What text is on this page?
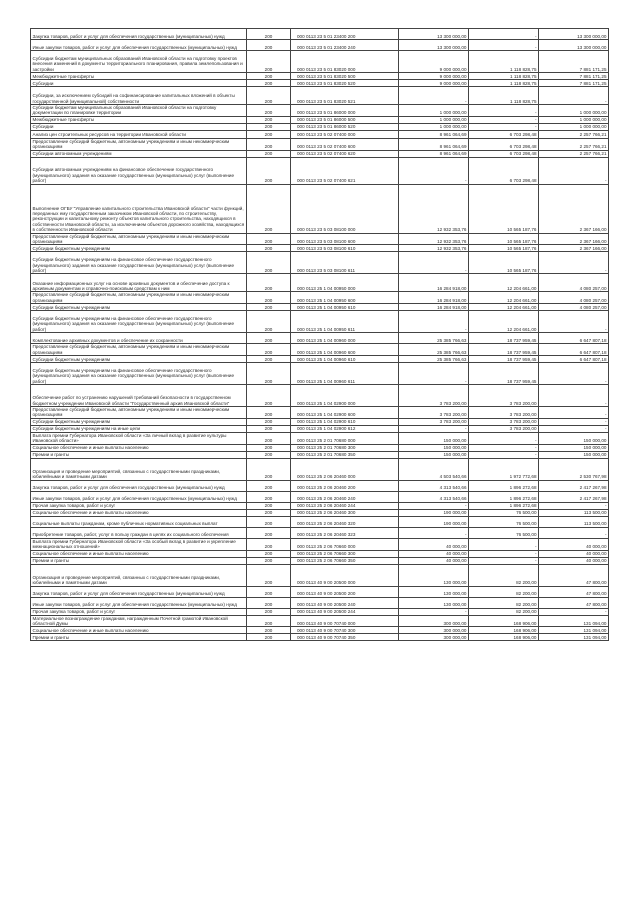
Закупка товаров, работ и услуг для обеспечения государственных (муниципальных) нужд	200	000 0113 23 5 01 23400 200	13 300 000,00	-	13 300 000,00
Иные закупки товаров, работ и услуг для обеспечения государственных (муниципальных) нужд	200	000 0113 23 5 01 23400 240	13 300 000,00	-	13 300 000,00
Субсидии бюджетам муниципальных образований Ивановской области на подготовку проектов внесения изменений в документы территориального планирования, правила землепользования и застройки	200	000 0113 23 5 01 83020 000	9 000 000,00	1 118 828,75	7 881 171,25
Межбюджетные трансферты	200	000 0113 23 5 01 83020 500	9 000 000,00	1 118 828,75	7 881 171,25
Субсидии	200	000 0113 23 5 01 83020 520	9 000 000,00	1 118 828,75	7 881 171,25
Субсидии, за исключением субсидий на софинансирование капитальных вложений в объекты государственной (муниципальной) собственности	200	000 0113 23 5 01 83020 521	-	1 118 828,75	-
Субсидии бюджетам муниципальных образований Ивановской области на подготовку документации по планировке территории	200	000 0113 23 5 01 86000 000	1 000 000,00	-	1 000 000,00
Межбюджетные трансферты	200	000 0113 23 5 01 86000 500	1 000 000,00	-	1 000 000,00
Субсидии	200	000 0113 23 5 01 86000 520	1 000 000,00	-	1 000 000,00
Анализ цен строительных ресурсов на территории Ивановской области	200	000 0113 23 5 02 07400 000	8 961 064,69	6 703 298,48	2 257 766,21
Предоставление субсидий бюджетным, автономным учреждениям и иным некоммерческим организациям	200	000 0113 23 5 02 07400 600	8 961 064,69	6 703 298,48	2 257 766,21
Субсидии автономным учреждениям	200	000 0113 23 5 02 07400 620	8 961 064,69	6 703 298,48	2 257 766,21
Субсидии автономным учреждениям на финансовое обеспечение государственного (муниципального) задания на оказание государственных (муниципальных) услуг (выполнение работ)	200	000 0113 23 5 02 07400 621	-	6 703 298,48	-
Выполнение ОГБУ "Управление капитального строительства Ивановской области" части функций, переданных ему государственным заказчиком Ивановской области, по строительству, реконструкции и капитальному ремонту объектов капитального строительства, находящихся в собственности Ивановской области, за исключением объектов дорожного хозяйства, находящихся в собственности Ивановской области	200	000 0113 23 5 03 08100 000	12 932 353,76	10 565 187,76	2 367 166,00
Предоставление субсидий бюджетным, автономным учреждениям и иным некоммерческим организациям	200	000 0113 23 5 03 08100 600	12 932 353,76	10 565 187,76	2 367 166,00
Субсидии бюджетным учреждениям	200	000 0113 23 5 03 08100 610	12 932 353,76	10 565 187,76	2 367 166,00
Субсидии бюджетным учреждениям на финансовое обеспечение государственного (муниципального) задания на оказание государственных (муниципальных) услуг (выполнение работ)	200	000 0113 23 5 03 08100 611	-	10 565 187,76	-
Оказание информационных услуг на основе архивных документов и обеспечение доступа к архивным документам и справочно-поисковым средствам к ним	200	000 0113 25 1 04 00950 000	16 284 918,00	12 204 661,00	4 080 257,00
Предоставление субсидий бюджетным, автономным учреждениям и иным некоммерческим организациям	200	000 0113 25 1 04 00950 600	16 284 918,00	12 204 661,00	4 080 257,00
Субсидии бюджетным учреждениям	200	000 0113 25 1 04 00950 610	16 284 918,00	12 204 661,00	4 080 257,00
Субсидии бюджетным учреждениям на финансовое обеспечение государственного (муниципального) задания на оказание государственных (муниципальных) услуг (выполнение работ)	200	000 0113 25 1 04 00950 611	-	12 204 661,00	-
Комплектование архивных документов и обеспечение их сохранности	200	000 0113 25 1 04 00960 000	25 385 766,63	18 737 959,45	6 647 807,18
Предоставление субсидий бюджетным, автономным учреждениям и иным некоммерческим организациям	200	000 0113 25 1 04 00960 600	25 385 766,63	18 737 959,45	6 647 807,18
Субсидии бюджетным учреждениям	200	000 0113 25 1 04 00960 610	25 385 766,63	18 737 959,45	6 647 807,18
Субсидии бюджетным учреждениям на финансовое обеспечение государственного (муниципального) задания на оказание государственных (муниципальных) услуг (выполнение работ)	200	000 0113 25 1 04 00960 611	-	18 737 959,45	-
Обеспечение работ по устранению нарушений требований безопасности в государственном бюджетном учреждении Ивановской области "Государственный архив Ивановской области"	200	000 0113 25 1 04 02900 000	3 783 200,00	3 783 200,00	-
Предоставление субсидий бюджетным, автономным учреждениям и иным некоммерческим организациям	200	000 0113 25 1 04 02900 600	3 783 200,00	3 783 200,00	-
Субсидии бюджетным учреждениям	200	000 0113 25 1 04 02900 610	3 783 200,00	3 783 200,00	-
Субсидии бюджетным учреждениям на иные цели	200	000 0113 25 1 04 02900 612	-	3 783 200,00	-
Выплата премии Губернатора Ивановской области «За личный вклад в развитие культуры Ивановской области»	200	000 0113 25 2 01 70680 000	150 000,00	-	150 000,00
Социальное обеспечение и иные выплаты населению	200	000 0113 25 2 01 70680 300	150 000,00	-	150 000,00
Премии и гранты	200	000 0113 25 2 01 70680 350	150 000,00	-	150 000,00
Организация и проведение мероприятий, связанных с государственными праздниками, юбилейными и памятными датами	200	000 0113 25 2 06 20460 000	4 503 540,66	1 972 772,68	2 530 767,98
Закупка товаров, работ и услуг для обеспечения государственных (муниципальных) нужд	200	000 0113 25 2 06 20460 200	4 313 540,66	1 896 272,68	2 417 267,98
Иные закупки товаров, работ и услуг для обеспечения государственных (муниципальных) нужд	200	000 0113 25 2 06 20460 240	4 313 540,66	1 896 272,68	2 417 267,98
Прочая закупка товаров, работ и услуг	200	000 0113 25 2 06 20460 244	-	1 896 272,68	-
Социальное обеспечение и иные выплаты населению	200	000 0113 25 2 06 20460 300	190 000,00	76 500,00	113 500,00
Социальные выплаты гражданам, кроме публичных нормативных социальных выплат	200	000 0113 25 2 06 20460 320	190 000,00	76 500,00	113 500,00
Приобретение товаров, работ, услуг в пользу граждан в целях их социального обеспечения	200	000 0113 25 2 06 20460 323	-	76 500,00	-
Выплата премии Губернатора Ивановской области «За особый вклад в развитие и укрепление межнациональных отношений»	200	000 0113 25 2 06 70660 000	40 000,00	-	40 000,00
Социальное обеспечение и иные выплаты населению	200	000 0113 25 2 06 70660 300	40 000,00	-	40 000,00
Премии и гранты	200	000 0113 25 2 06 70660 350	40 000,00	-	40 000,00
Организация и проведение мероприятий, связанных с государственными праздниками, юбилейными и памятными датами	200	000 0113 40 9 00 20500 000	130 000,00	82 200,00	47 800,00
Закупка товаров, работ и услуг для обеспечения государственных (муниципальных) нужд	200	000 0113 40 9 00 20500 200	130 000,00	82 200,00	47 800,00
Иные закупки товаров, работ и услуг для обеспечения государственных (муниципальных) нужд	200	000 0113 40 9 00 20500 240	130 000,00	82 200,00	47 800,00
Прочая закупка товаров, работ и услуг	200	000 0113 40 9 00 20500 244	-	82 200,00	-
Материальное вознаграждение гражданам, награжденным Почетной грамотой Ивановской областной Думы	200	000 0113 40 9 00 70740 000	300 000,00	168 906,00	131 094,00
Социальное обеспечение и иные выплаты населению	200	000 0113 40 9 00 70740 300	300 000,00	168 906,00	131 094,00
Премии и гранты	200	000 0113 40 9 00 70740 350	300 000,00	168 906,00	131 094,00
